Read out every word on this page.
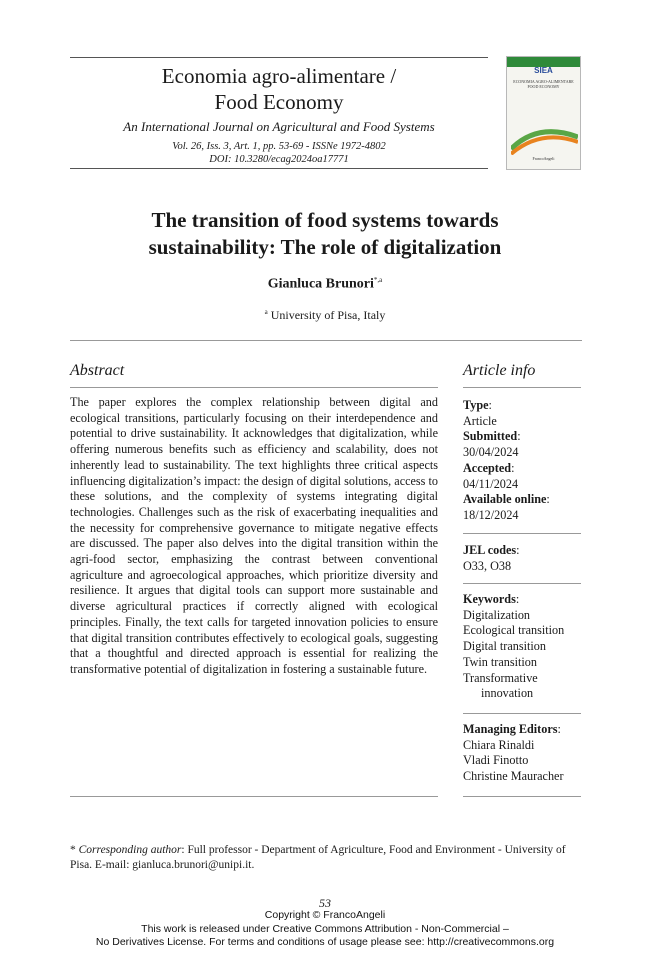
Economia agro-alimentare /
Food Economy
An International Journal on Agricultural and Food Systems
Vol. 26, Iss. 3, Art. 1, pp. 53-69 - ISSNe 1972-4802
DOI: 10.3280/ecag2024oa17771
SIEA
ECONOMIA AGRO-ALIMENTARE FOOD ECONOMY
FrancoAngeli
The transition of food systems towards
sustainability: The role of digitalization
Gianluca Brunori$^{*,a}$
$^a$ University of Pisa, Italy
Abstract
The paper explores the complex relationship between digital and ecological transitions, particularly focusing on their interdependence and potential to drive sustainability. It acknowledges that digitalization, while offering numerous benefits such as efficiency and scalability, does not inherently lead to sustainability. The text highlights three critical aspects influencing digitalization’s impact: the design of digital solutions, access to these solutions, and the complexity of systems integrating digital technologies. Challenges such as the risk of exacerbating inequalities and the necessity for comprehensive governance to mitigate negative effects are discussed. The paper also delves into the digital transition within the agri-food sector, emphasizing the contrast between conventional agriculture and agroecological approaches, which prioritize diversity and resilience. It argues that digital tools can support more sustainable and diverse agricultural practices if correctly aligned with ecological principles. Finally, the text calls for targeted innovation policies to ensure that digital transition contributes effectively to ecological goals, suggesting that a thoughtful and directed approach is essential for realizing the transformative potential of digitalization in fostering a sustainable future.
Article info
Type:
Article
Submitted:
30/04/2024
Accepted:
04/11/2024
Available online:
18/12/2024
JEL codes:
O33, O38
Keywords:
Digitalization
Ecological transition
Digital transition
Twin transition
Transformative
innovation
Managing Editors:
Chiara Rinaldi
Vladi Finotto
Christine Mauracher
* Corresponding author: Full professor - Department of Agriculture, Food and Environment - University of Pisa. E-mail: gianluca.brunori@unipi.it.
53
Copyright © FrancoAngeli
This work is released under Creative Commons Attribution - Non-Commercial –
No Derivatives License. For terms and conditions of usage please see: http://creativecommons.org
